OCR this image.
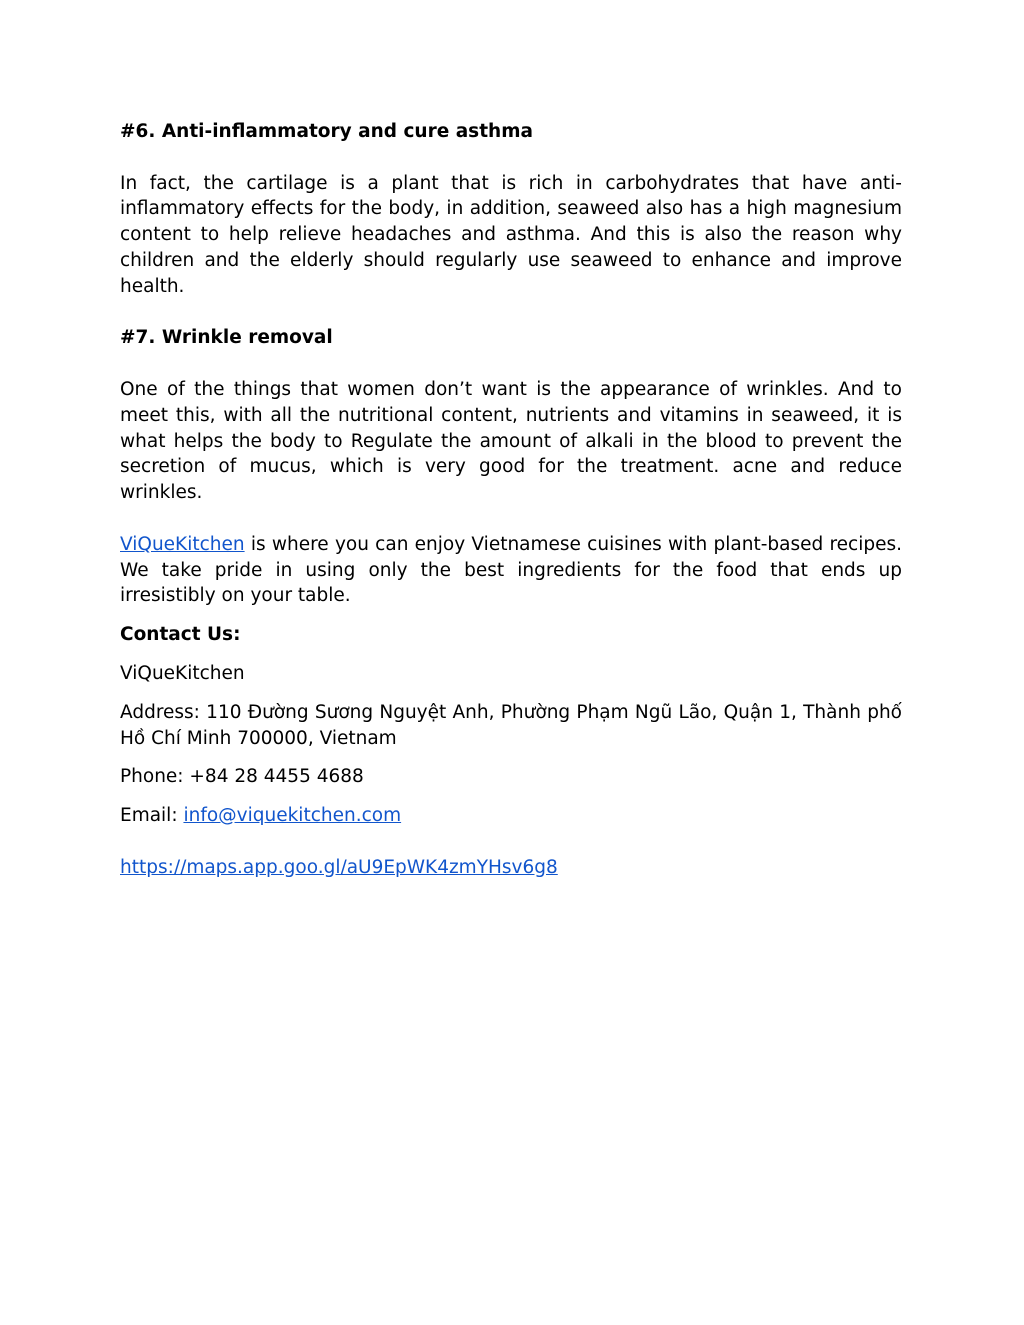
#6. Anti-inflammatory and cure asthma
In fact, the cartilage is a plant that is rich in carbohydrates that have anti-inflammatory effects for the body, in addition, seaweed also has a high magnesium content to help relieve headaches and asthma. And this is also the reason why children and the elderly should regularly use seaweed to enhance and improve health.
#7. Wrinkle removal
One of the things that women don’t want is the appearance of wrinkles. And to meet this, with all the nutritional content, nutrients and vitamins in seaweed, it is what helps the body to Regulate the amount of alkali in the blood to prevent the secretion of mucus, which is very good for the treatment. acne and reduce wrinkles.
ViQueKitchen is where you can enjoy Vietnamese cuisines with plant-based recipes. We take pride in using only the best ingredients for the food that ends up irresistibly on your table.
Contact Us:
ViQueKitchen
Address: 110 Đường Sương Nguyệt Anh, Phường Phạm Ngũ Lão, Quận 1, Thành phố Hồ Chí Minh 700000, Vietnam
Phone: +84 28 4455 4688
Email: info@viquekitchen.com
https://maps.app.goo.gl/aU9EpWK4zmYHsv6g8
